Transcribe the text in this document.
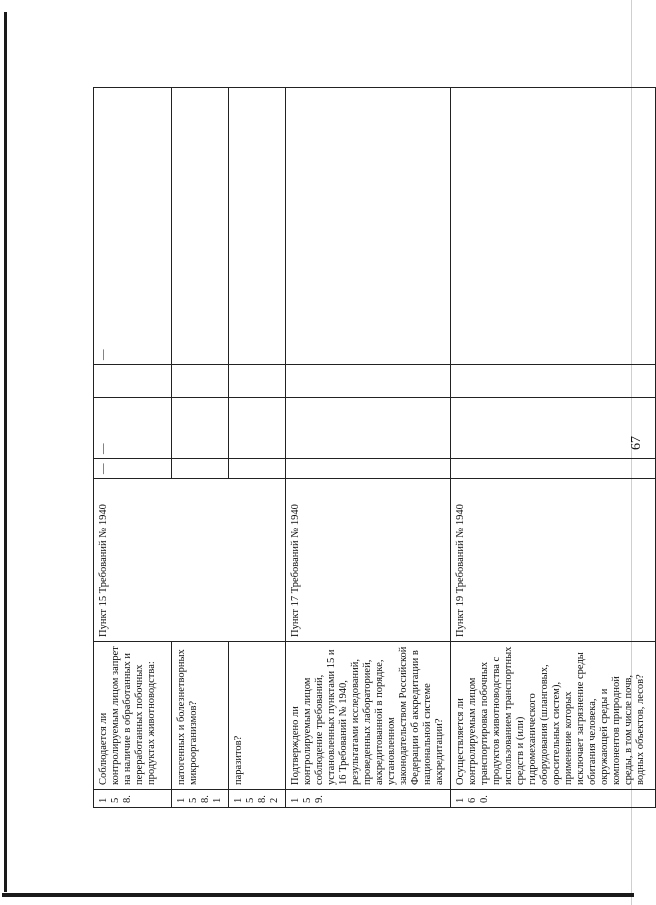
67
158.	Соблюдается ли контролируемым лицом запрет на наличие в обработанных и переработанных побочных продуктах животноводства:	Пункт 15 Требований № 1940	—	—		—
158.1	патогенных и болезнетворных микроорганизмов?					
158.2	паразитов?					
159.	Подтверждено ли контролируемым лицом соблюдение требований, установленных пунктами 15 и 16 Требований № 1940, результатами исследований, проведенных лабораторией, аккредитованной в порядке, установленном законодательством Российской Федерации об аккредитации в национальной системе аккредитации?	Пункт 17 Требований № 1940				
160.	Осуществляется ли контролируемым лицом транспортировка побочных продуктов животноводства с использованием транспортных средств и (или) гидромеханического оборудования (шланговых, оросительных систем), применение которых исключает загрязнение среды обитания человека, окружающей среды и компонентов природной среды, в том числе почв, водных объектов, лесов?	Пункт 19 Требований № 1940				
